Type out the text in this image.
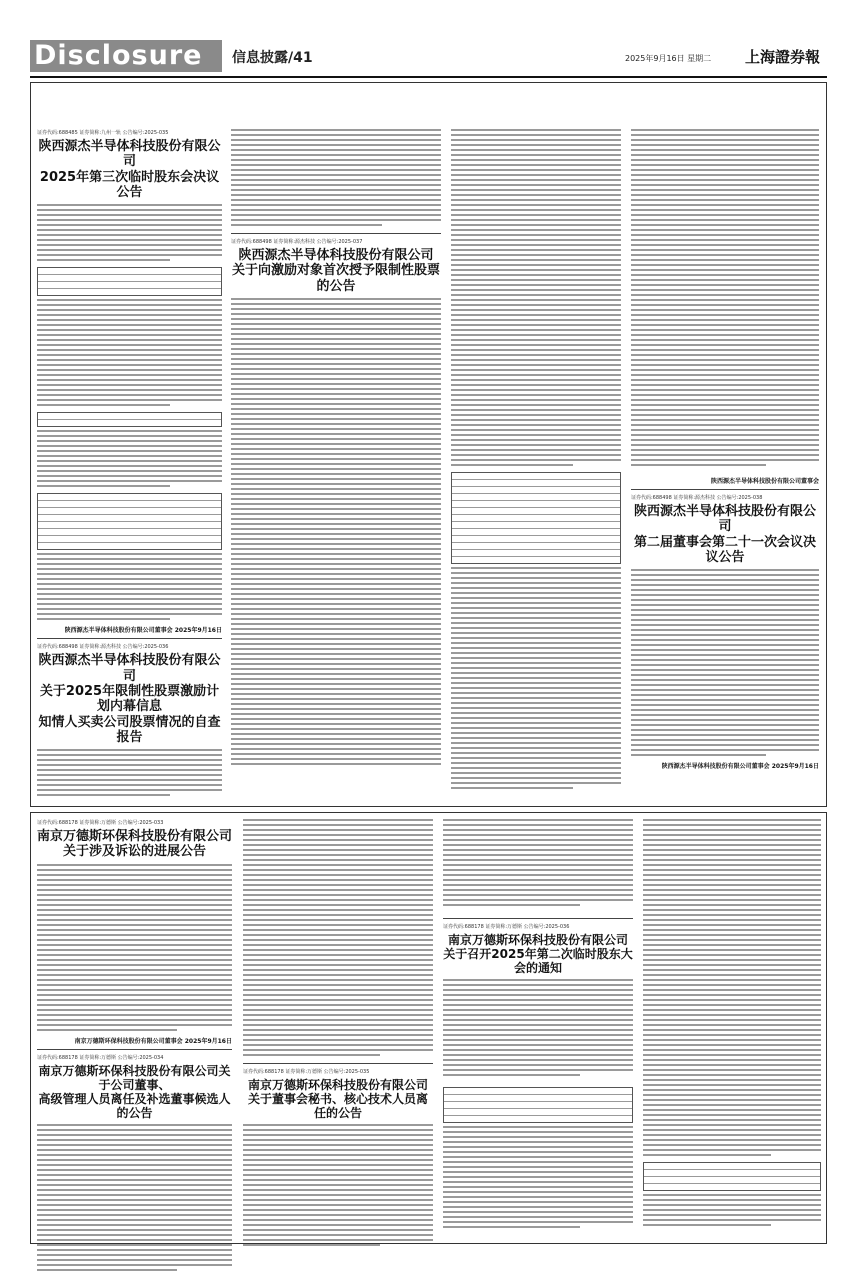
Disclosure	信息披露/41	2025年9月16日 星期二 上海證券報
证券代码:688485 证券简称:九州一轨 公告编号:2025-035
陕西源杰半导体科技股份有限公司
2025年第三次临时股东会决议公告
陕西源杰半导体科技股份有限公司董事会 2025年9月16日
证券代码:688498 证券简称:源杰科技 公告编号:2025-036
陕西源杰半导体科技股份有限公司
关于2025年限制性股票激励计划内幕信息
知情人买卖公司股票情况的自查报告
证券代码:688498 证券简称:源杰科技 公告编号:2025-037
陕西源杰半导体科技股份有限公司
关于向激励对象首次授予限制性股票的公告
陕西源杰半导体科技股份有限公司董事会
证券代码:688498 证券简称:源杰科技 公告编号:2025-038
陕西源杰半导体科技股份有限公司
第二届董事会第二十一次会议决议公告
陕西源杰半导体科技股份有限公司董事会 2025年9月16日
证券代码:688178 证券简称:万德斯 公告编号:2025-033
南京万德斯环保科技股份有限公司
关于涉及诉讼的进展公告
南京万德斯环保科技股份有限公司董事会 2025年9月16日
证券代码:688178 证券简称:万德斯 公告编号:2025-034
南京万德斯环保科技股份有限公司关于公司董事、
高级管理人员离任及补选董事候选人的公告
证券代码:688178 证券简称:万德斯 公告编号:2025-035
南京万德斯环保科技股份有限公司
关于董事会秘书、核心技术人员离任的公告
证券代码:688178 证券简称:万德斯 公告编号:2025-036
南京万德斯环保科技股份有限公司
关于召开2025年第二次临时股东大会的通知
